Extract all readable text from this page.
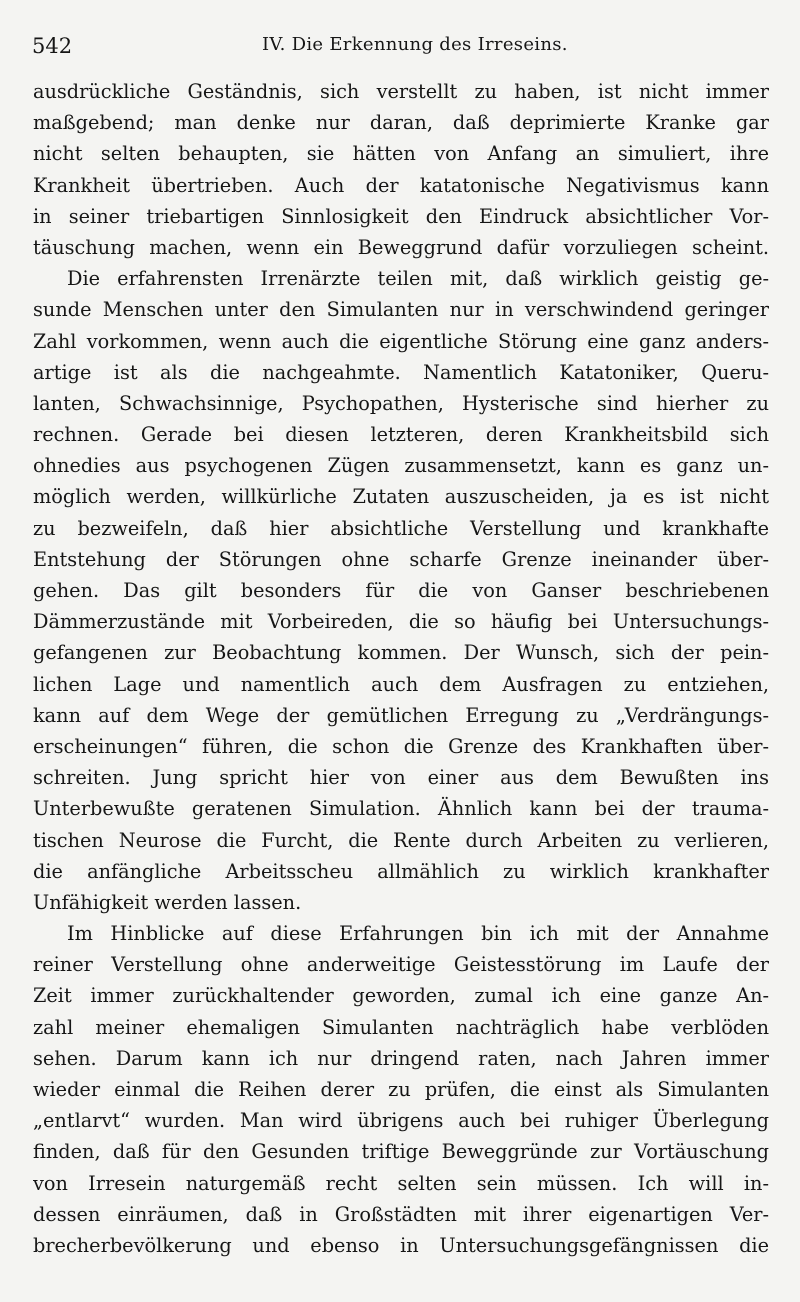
542	IV. Die Erkennung des Irreseins.
ausdrückliche Geständnis, sich verstellt zu haben, ist nicht immer
maßgebend; man denke nur daran, daß deprimierte Kranke gar
nicht selten behaupten, sie hätten von Anfang an simuliert, ihre
Krankheit übertrieben. Auch der katatonische Negativismus kann
in seiner triebartigen Sinnlosigkeit den Eindruck absichtlicher Vor-
täuschung machen, wenn ein Beweggrund dafür vorzuliegen scheint.
Die erfahrensten Irrenärzte teilen mit, daß wirklich geistig ge-
sunde Menschen unter den Simulanten nur in verschwindend geringer
Zahl vorkommen, wenn auch die eigentliche Störung eine ganz anders-
artige ist als die nachgeahmte. Namentlich Katatoniker, Queru-
lanten, Schwachsinnige, Psychopathen, Hysterische sind hierher zu
rechnen. Gerade bei diesen letzteren, deren Krankheitsbild sich
ohnedies aus psychogenen Zügen zusammensetzt, kann es ganz un-
möglich werden, willkürliche Zutaten auszuscheiden, ja es ist nicht
zu bezweifeln, daß hier absichtliche Verstellung und krankhafte
Entstehung der Störungen ohne scharfe Grenze ineinander über-
gehen. Das gilt besonders für die von Ganser beschriebenen
Dämmerzustände mit Vorbeireden, die so häufig bei Untersuchungs-
gefangenen zur Beobachtung kommen. Der Wunsch, sich der pein-
lichen Lage und namentlich auch dem Ausfragen zu entziehen,
kann auf dem Wege der gemütlichen Erregung zu „Verdrängungs-
erscheinungen“ führen, die schon die Grenze des Krankhaften über-
schreiten. Jung spricht hier von einer aus dem Bewußten ins
Unterbewußte geratenen Simulation. Ähnlich kann bei der trauma-
tischen Neurose die Furcht, die Rente durch Arbeiten zu verlieren,
die anfängliche Arbeitsscheu allmählich zu wirklich krankhafter
Unfähigkeit werden lassen.
Im Hinblicke auf diese Erfahrungen bin ich mit der Annahme
reiner Verstellung ohne anderweitige Geistesstörung im Laufe der
Zeit immer zurückhaltender geworden, zumal ich eine ganze An-
zahl meiner ehemaligen Simulanten nachträglich habe verblöden
sehen. Darum kann ich nur dringend raten, nach Jahren immer
wieder einmal die Reihen derer zu prüfen, die einst als Simulanten
„entlarvt“ wurden. Man wird übrigens auch bei ruhiger Überlegung
finden, daß für den Gesunden triftige Beweggründe zur Vortäuschung
von Irresein naturgemäß recht selten sein müssen. Ich will in-
dessen einräumen, daß in Großstädten mit ihrer eigenartigen Ver-
brecherbevölkerung und ebenso in Untersuchungsgefängnissen die
